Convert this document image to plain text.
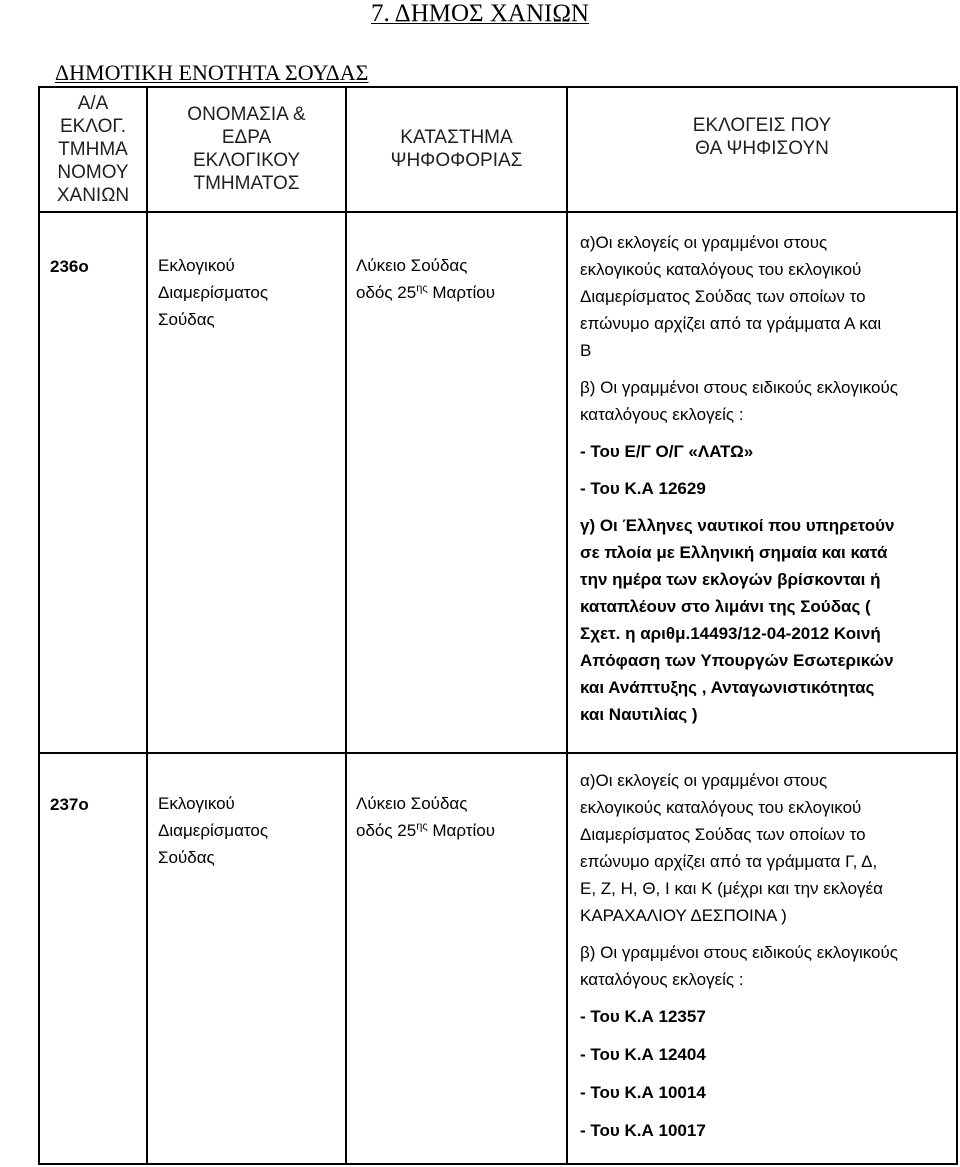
7. ΔΗΜΟΣ ΧΑΝΙΩΝ
ΔΗΜΟΤΙΚΗ ΕΝΟΤΗΤΑ ΣΟΥΔΑΣ
Α/Α
ΕΚΛΟΓ.
ΤΜΗΜΑ
ΝΟΜΟΥ
ΧΑΝΙΩΝ
ΟΝΟΜΑΣΙΑ &
ΕΔΡΑ
ΕΚΛΟΓΙΚΟΥ
ΤΜΗΜΑΤΟΣ
ΚΑΤΑΣΤΗΜΑ
ΨΗΦΟΦΟΡΙΑΣ
ΕΚΛΟΓΕΙΣ ΠΟΥ
ΘΑ ΨΗΦΙΣΟΥΝ
236ο	Εκλογικού
Διαμερίσματος
Σούδας
Λύκειο Σούδας
οδός $25^{\eta\varsigma}$ Μαρτίου
α)Οι εκλογείς οι γραμμένοι στους
εκλογικούς καταλόγους του εκλογικού
Διαμερίσματος Σούδας των οποίων το
επώνυμο αρχίζει από τα γράμματα Α και
Β
β) Οι γραμμένοι στους ειδικούς εκλογικούς
καταλόγους εκλογείς :
- Του Ε/Γ Ο/Γ «ΛΑΤΩ»
- Του Κ.Α 12629
γ) Οι Έλληνες ναυτικοί που υπηρετούν
σε πλοία με Ελληνική σημαία και κατά
την ημέρα των εκλογών βρίσκονται ή
καταπλέουν στο λιμάνι της Σούδας (
Σχετ. η αριθμ.14493/12-04-2012 Κοινή
Απόφαση των Υπουργών Εσωτερικών
και Ανάπτυξης , Ανταγωνιστικότητας
και Ναυτιλίας )
237ο	Εκλογικού
Διαμερίσματος
Σούδας
Λύκειο Σούδας
οδός $25^{\eta\varsigma}$ Μαρτίου
α)Οι εκλογείς οι γραμμένοι στους
εκλογικούς καταλόγους του εκλογικού
Διαμερίσματος Σούδας των οποίων το
επώνυμο αρχίζει από τα γράμματα Γ, Δ,
Ε, Ζ, Η, Θ, Ι και Κ (μέχρι και την εκλογέα
ΚΑΡΑΧΑΛΙΟΥ ΔΕΣΠΟΙΝΑ )
β) Οι γραμμένοι στους ειδικούς εκλογικούς
καταλόγους εκλογείς :
- Του Κ.Α 12357
- Του Κ.Α 12404
- Του Κ.Α 10014
- Του Κ.Α 10017
